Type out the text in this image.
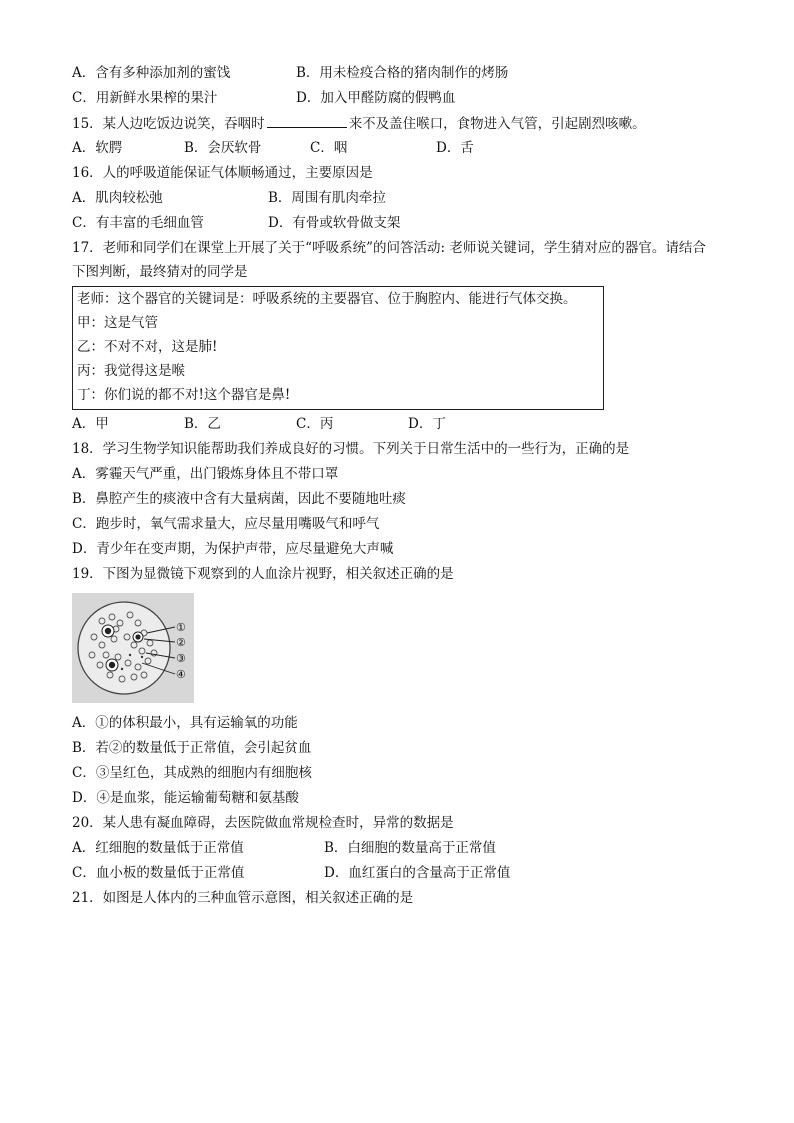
A．含有多种添加剂的蜜饯	B．用未检疫合格的猪肉制作的烤肠
C．用新鲜水果榨的果汁	D．加入甲醛防腐的假鸭血
15．某人边吃饭边说笑，吞咽时	来不及盖住喉口，食物进入气管，引起剧烈咳嗽。
A．软腭	B．会厌软骨	C．咽	D．舌
16．人的呼吸道能保证气体顺畅通过，主要原因是
A．肌肉较松弛	B．周围有肌肉牵拉
C．有丰富的毛细血管	D．有骨或软骨做支架
17．老师和同学们在课堂上开展了关于“呼吸系统”的问答活动: 老师说关键词，学生猜对应的器官。请结合
下图判断，最终猜对的同学是
老师：这个器官的关键词是：呼吸系统的主要器官、位于胸腔内、能进行气体交换。
甲：这是气管
乙：不对不对，这是肺!
丙：我觉得这是喉
丁：你们说的都不对!这个器官是鼻!
A．甲	B．乙	C．丙	D．丁
18．学习生物学知识能帮助我们养成良好的习惯。下列关于日常生活中的一些行为，正确的是
A．雾霾天气严重，出门锻炼身体且不带口罩
B．鼻腔产生的痰液中含有大量病菌，因此不要随地吐痰
C．跑步时，氧气需求量大，应尽量用嘴吸气和呼气
D．青少年在变声期，为保护声带，应尽量避免大声喊
19．下图为显微镜下观察到的人血涂片视野，相关叙述正确的是
①
②
③
④
A．①的体积最小，具有运输氧的功能
B．若②的数量低于正常值，会引起贫血
C．③呈红色，其成熟的细胞内有细胞核
D．④是血浆，能运输葡萄糖和氨基酸
20．某人患有凝血障碍，去医院做血常规检查时，异常的数据是
A．红细胞的数量低于正常值	B．白细胞的数量高于正常值
C．血小板的数量低于正常值	D．血红蛋白的含量高于正常值
21．如图是人体内的三种血管示意图，相关叙述正确的是
